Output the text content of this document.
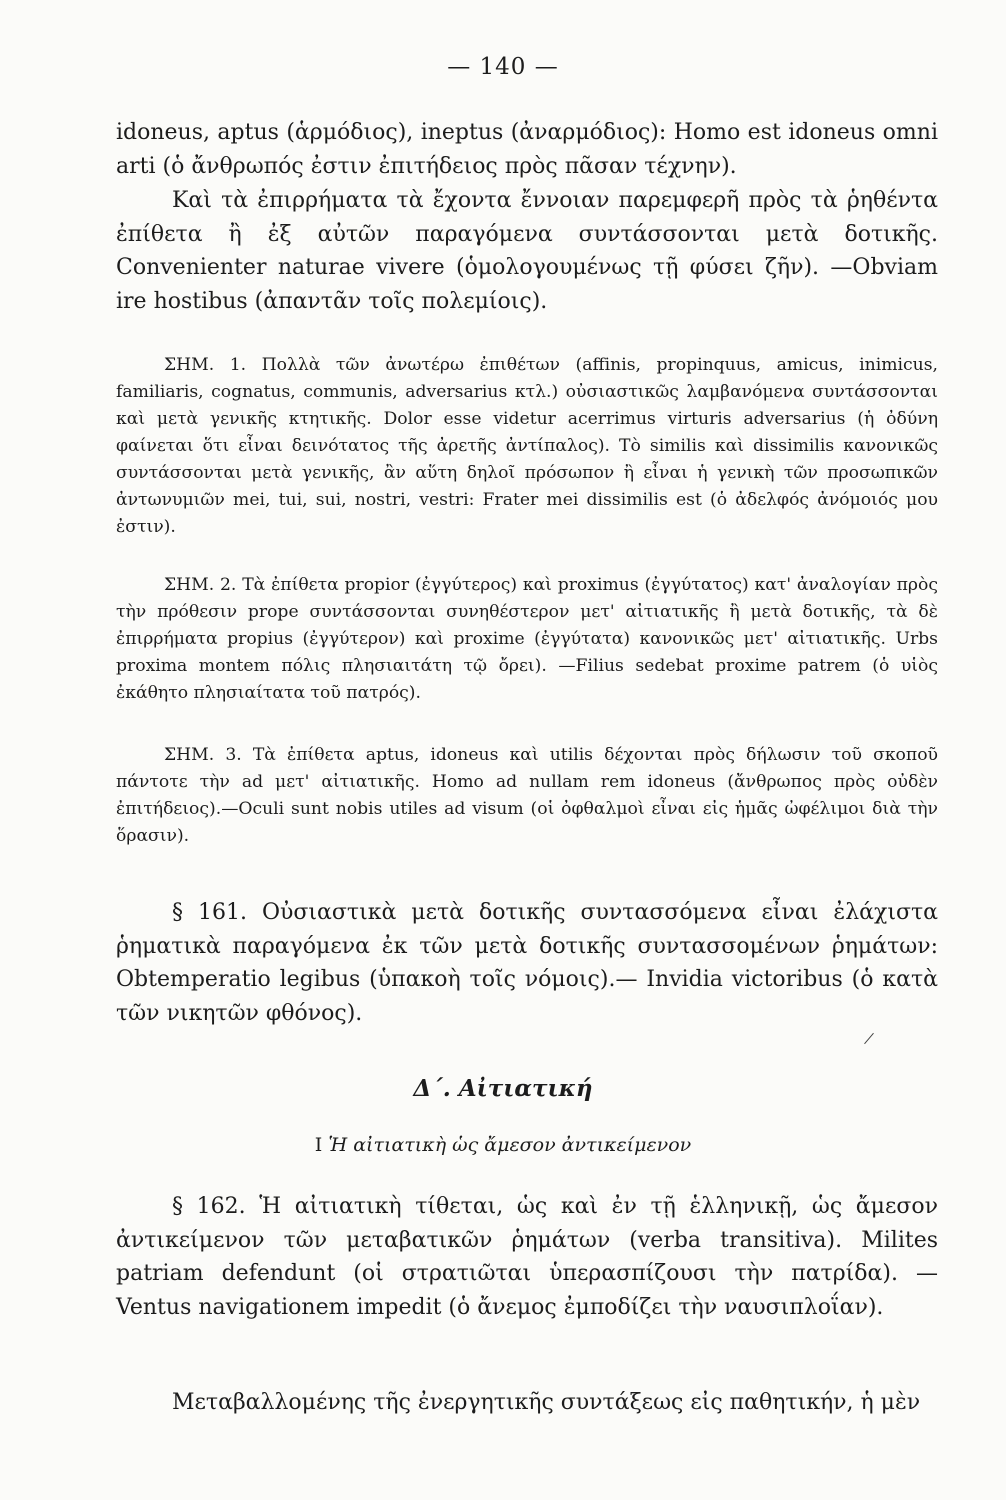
— 140 —

idoneus, aptus (ἁρμόδιος), ineptus (ἀναρμόδιος): Homo est idoneus omni arti (ὁ ἄνθρωπός ἐστιν ἐπιτήδειος πρὸς πᾶσαν τέχνην).

Καὶ τὰ ἐπιρρήματα τὰ ἔχοντα ἔννοιαν παρεμφερῆ πρὸς τὰ ῥηθέντα ἐπίθετα ἢ ἐξ αὐτῶν παραγόμενα συντάσσονται μετὰ δοτικῆς. Convenienter naturae vivere (ὁμολογουμένως τῇ φύσει ζῆν). —Obviam ire hostibus (ἀπαντᾶν τοῖς πολεμίοις).

ΣΗΜ. 1. Πολλὰ τῶν ἀνωτέρω ἐπιθέτων (affinis, propinquus, amicus, inimicus, familiaris, cognatus, communis, adversarius κτλ.) οὐσιαστικῶς λαμβανόμενα συντάσσονται καὶ μετὰ γενικῆς κτητικῆς. Dolor esse videtur acerrimus virturis adversarius (ἡ ὀδύνη φαίνεται ὅτι εἶναι δεινότατος τῆς ἀρετῆς ἀντίπαλος). Τὸ similis καὶ dissimilis κανονικῶς συντάσσονται μετὰ γενικῆς, ἂν αὕτη δηλοῖ πρόσωπον ἢ εἶναι ἡ γενικὴ τῶν προσωπικῶν ἀντωνυμιῶν mei, tui, sui, nostri, vestri: Frater mei dissimilis est (ὁ ἀδελφός ἀνόμοιός μου ἐστιν).

ΣΗΜ. 2. Τὰ ἐπίθετα propior (ἐγγύτερος) καὶ proximus (ἐγγύτατος) κατ' ἀναλογίαν πρὸς τὴν πρόθεσιν prope συντάσσονται συνηθέστερον μετ' αἰτιατικῆς ἢ μετὰ δοτικῆς, τὰ δὲ ἐπιρρήματα propius (ἐγγύτερον) καὶ proxime (ἐγγύτατα) κανονικῶς μετ' αἰτιατικῆς. Urbs proxima montem πόλις πλησιαιτάτη τῷ ὄρει). —Filius sedebat proxime patrem (ὁ υἱὸς ἐκάθητο πλησιαίτατα τοῦ πατρός).

ΣΗΜ. 3. Τὰ ἐπίθετα aptus, idoneus καὶ utilis δέχονται πρὸς δήλωσιν τοῦ σκοποῦ πάντοτε τὴν ad μετ' αἰτιατικῆς. Homo ad nullam rem idoneus (ἄνθρωπος πρὸς οὐδὲν ἐπιτήδειος).—Oculi sunt nobis utiles ad visum (οἱ ὀφθαλμοὶ εἶναι εἰς ἡμᾶς ὠφέλιμοι διὰ τὴν ὅρασιν).

§ 161. Οὐσιαστικὰ μετὰ δοτικῆς συντασσόμενα εἶναι ἐλάχιστα ῥηματικὰ παραγόμενα ἐκ τῶν μετὰ δοτικῆς συντασσομένων ῥημάτων: Obtemperatio legibus (ὑπακοὴ τοῖς νόμοις).— Invidia victoribus (ὁ κατὰ τῶν νικητῶν φθόνος).

Δ΄. Αἰτιατική
I Ἡ αἰτιατικὴ ὡς ἄμεσον ἀντικείμενον

§ 162. Ἡ αἰτιατικὴ τίθεται, ὡς καὶ ἐν τῇ ἑλληνικῇ, ὡς ἄμεσον ἀντικείμενον τῶν μεταβατικῶν ῥημάτων (verba transitiva). Milites patriam defendunt (οἱ στρατιῶται ὑπερασπίζουσι τὴν πατρίδα). — Ventus navigationem impedit (ὁ ἄνεμος ἐμποδίζει τὴν ναυσιπλοΐαν).

Μεταβαλλομένης τῆς ἐνεργητικῆς συντάξεως εἰς παθητικήν, ἡ μὲν
